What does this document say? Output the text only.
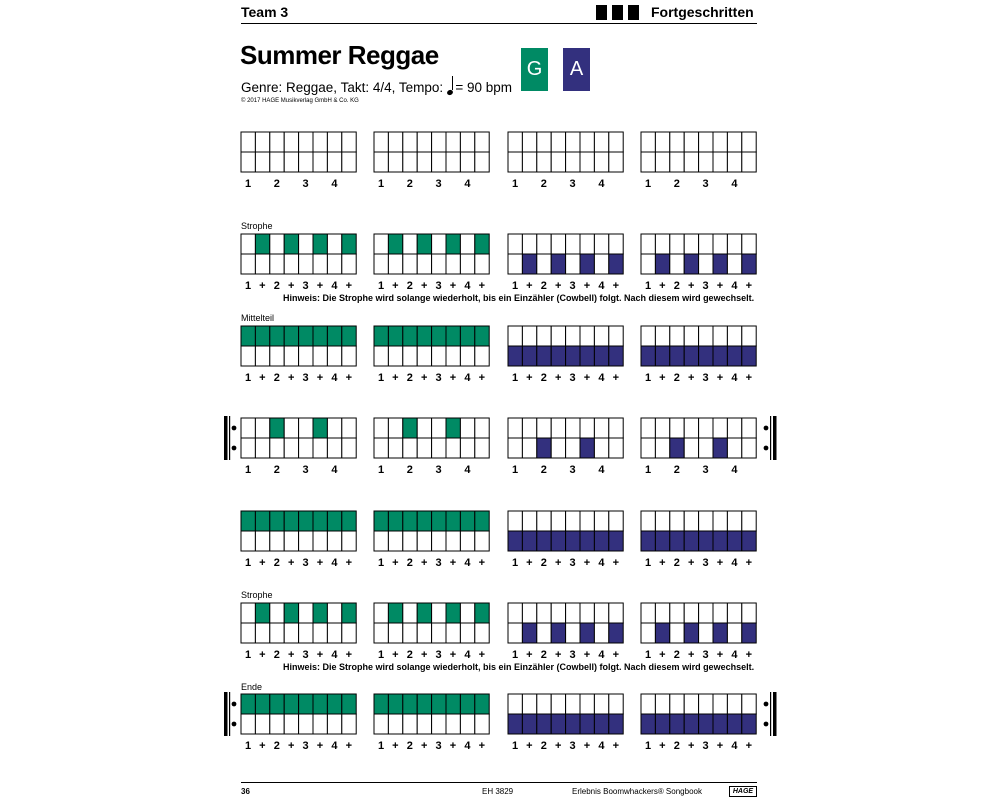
Team 3	Fortgeschritten
Summer Reggae
Genre: Reggae, Takt: 4/4, Tempo: = 90 bpm
© 2017 HAGE Musikverlag GmbH & Co. KG
G	A
Strophe
Mittelteil
Strophe
Ende
Hinweis: Die Strophe wird solange wiederholt, bis ein Einzähler (Cowbell) folgt. Nach diesem wird gewechselt.
Hinweis: Die Strophe wird solange wiederholt, bis ein Einzähler (Cowbell) folgt. Nach diesem wird gewechselt.
1 2 3 4	1 2 3 4	1 2 3 4	1 2 3 4
1 + 2 + 3 + 4 + 1 + 2 + 3 + 4 + 1 + 2 + 3 + 4 + 1 + 2 + 3 + 4 +
1 + 2 + 3 + 4 + 1 + 2 + 3 + 4 + 1 + 2 + 3 + 4 + 1 + 2 + 3 + 4 +
1 2 3 4	1 2 3 4	1 2 3 4	1 2 3 4
1 + 2 + 3 + 4 + 1 + 2 + 3 + 4 + 1 + 2 + 3 + 4 + 1 + 2 + 3 + 4 +
1 + 2 + 3 + 4 + 1 + 2 + 3 + 4 + 1 + 2 + 3 + 4 + 1 + 2 + 3 + 4 +
1 + 2 + 3 + 4 + 1 + 2 + 3 + 4 + 1 + 2 + 3 + 4 + 1 + 2 + 3 + 4 +
36	EH 3829	Erlebnis Boomwhackers® Songbook	HAGE
